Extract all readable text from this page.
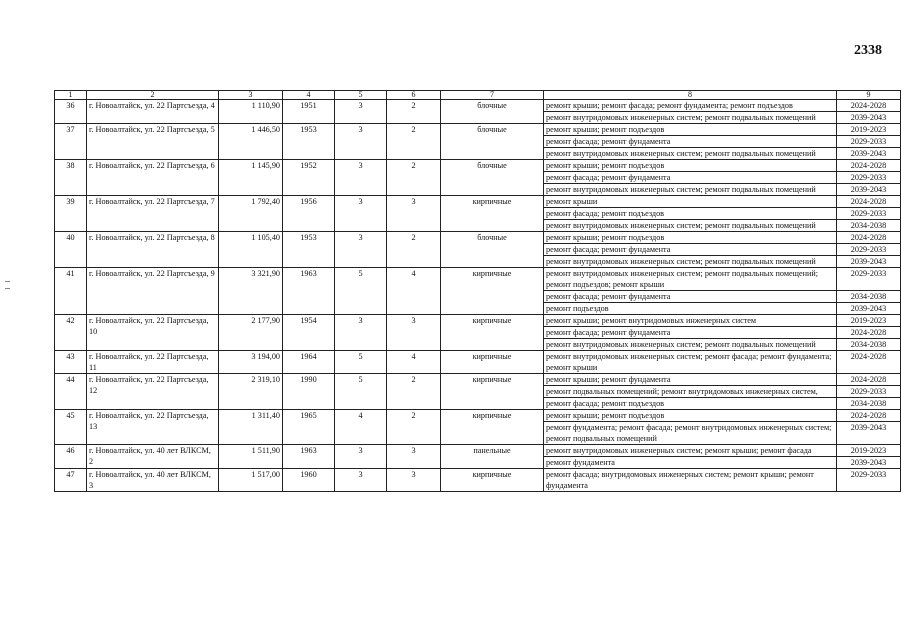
2338
1	2	3	4	5	6	7	8	9
36	г. Новоалтайск, ул. 22 Партсъезда, 4	1 110,90	1951	3	2	блочные	ремонт крыши; ремонт фасада; ремонт фундамента; ремонт подъездов	2024-2028
							ремонт внутридомовых инженерных систем; ремонт подвальных помещений	2039-2043
37	г. Новоалтайск, ул. 22 Партсъезда, 5	1 446,50	1953	3	2	блочные	ремонт крыши; ремонт подъездов	2019-2023
							ремонт фасада; ремонт фундамента	2029-2033
							ремонт внутридомовых инженерных систем; ремонт подвальных помещений	2039-2043
38	г. Новоалтайск, ул. 22 Партсъезда, 6	1 145,90	1952	3	2	блочные	ремонт крыши; ремонт подъездов	2024-2028
							ремонт фасада; ремонт фундамента	2029-2033
							ремонт внутридомовых инженерных систем; ремонт подвальных помещений	2039-2043
39	г. Новоалтайск, ул. 22 Партсъезда, 7	1 792,40	1956	3	3	кирпичные	ремонт крыши	2024-2028
							ремонт фасада; ремонт подъездов	2029-2033
							ремонт внутридомовых инженерных систем; ремонт подвальных помещений	2034-2038
40	г. Новоалтайск, ул. 22 Партсъезда, 8	1 105,40	1953	3	2	блочные	ремонт крыши; ремонт подъездов	2024-2028
							ремонт фасада; ремонт фундамента	2029-2033
							ремонт внутридомовых инженерных систем; ремонт подвальных помещений	2039-2043
41	г. Новоалтайск, ул. 22 Партсъезда, 9	3 321,90	1963	5	4	кирпичные	ремонт внутридомовых инженерных систем; ремонт подвальных помещений; ремонт подъездов; ремонт крыши	2029-2033
							ремонт фасада; ремонт фундамента	2034-2038
							ремонт подъездов	2039-2043
42	г. Новоалтайск, ул. 22 Партсъезда, 10	2 177,90	1954	3	3	кирпичные	ремонт крыши; ремонт внутридомовых инженерных систем	2019-2023
							ремонт фасада; ремонт фундамента	2024-2028
							ремонт внутридомовых инженерных систем; ремонт подвальных помещений	2034-2038
43	г. Новоалтайск, ул. 22 Партсъезда, 11	3 194,00	1964	5	4	кирпичные	ремонт внутридомовых инженерных систем; ремонт фасада; ремонт фундамента; ремонт крыши	2024-2028
44	г. Новоалтайск, ул. 22 Партсъезда, 12	2 319,10	1990	5	2	кирпичные	ремонт крыши; ремонт фундамента	2024-2028
							ремонт подвальных помещений; ремонт внутридомовых инженерных систем,	2029-2033
							ремонт фасада; ремонт подъездов	2034-2038
45	г. Новоалтайск, ул. 22 Партсъезда, 13	1 311,40	1965	4	2	кирпичные	ремонт крыши; ремонт подъездов	2024-2028
							ремонт фундамента; ремонт фасада; ремонт внутридомовых инженерных систем; ремонт подвальных помещений	2039-2043
46	г. Новоалтайск, ул. 40 лет ВЛКСМ, 2	1 511,90	1963	3	3	панельные	ремонт внутридомовых инженерных систем; ремонт крыши; ремонт фасада	2019-2023
							ремонт фундамента	2039-2043
47	г. Новоалтайск, ул. 40 лет ВЛКСМ, 3	1 517,00	1960	3	3	кирпичные	ремонт фасада; внутридомовых инженерных систем; ремонт крыши; ремонт фундамента	2029-2033
